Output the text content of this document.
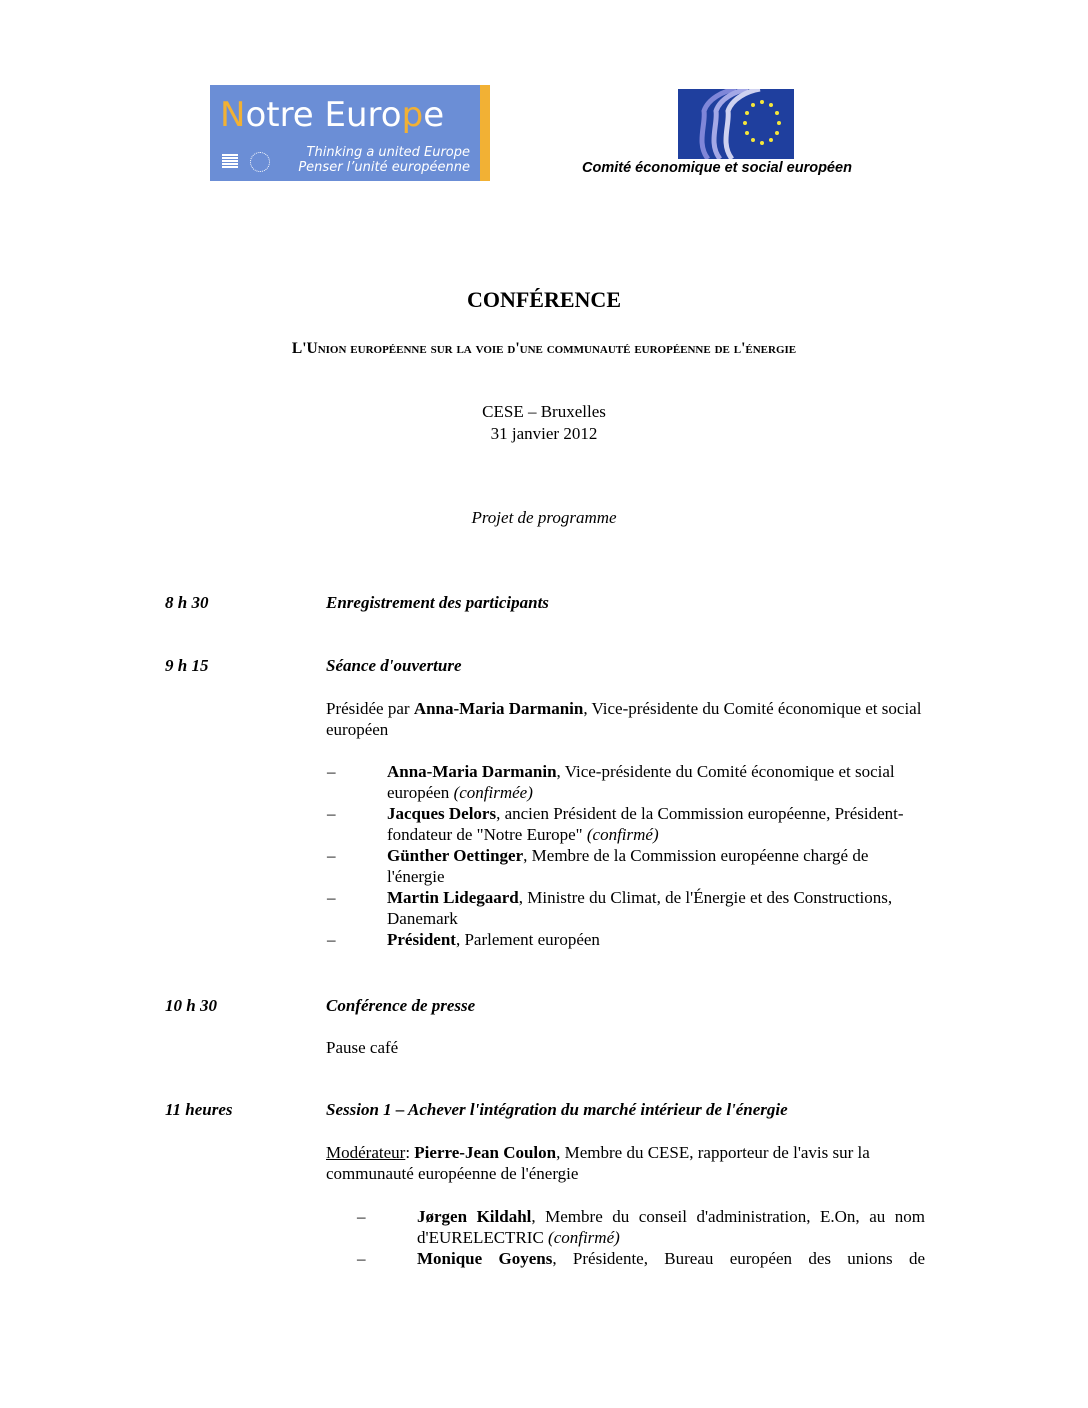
Notre Europe
Thinking a united Europe
Penser l’unité européenne	Comité économique et social européen
CONFÉRENCE
L'Union européenne sur la voie d'une communauté européenne de l'énergie
CESE – Bruxelles
31 janvier 2012
Projet de programme
8 h 30	Enregistrement des participants
9 h 15	Séance d'ouverture
Présidée par Anna-Maria Darmanin, Vice-présidente du Comité économique et social européen
–	Anna-Maria Darmanin, Vice-présidente du Comité économique et social européen (confirmée)
–	Jacques Delors, ancien Président de la Commission européenne, Président-fondateur de "Notre Europe" (confirmé)
–	Günther Oettinger, Membre de la Commission européenne chargé de l'énergie
–	Martin Lidegaard, Ministre du Climat, de l'Énergie et des Constructions, Danemark
–	Président, Parlement européen
10 h 30	Conférence de presse
Pause café
11 heures	Session 1 – Achever l'intégration du marché intérieur de l'énergie
Modérateur: Pierre-Jean Coulon, Membre du CESE, rapporteur de l'avis sur la communauté européenne de l'énergie
–	Jørgen Kildahl, Membre du conseil d'administration, E.On, au nom d'EURELECTRIC (confirmé)
–	Monique Goyens, Présidente, Bureau européen des unions de
